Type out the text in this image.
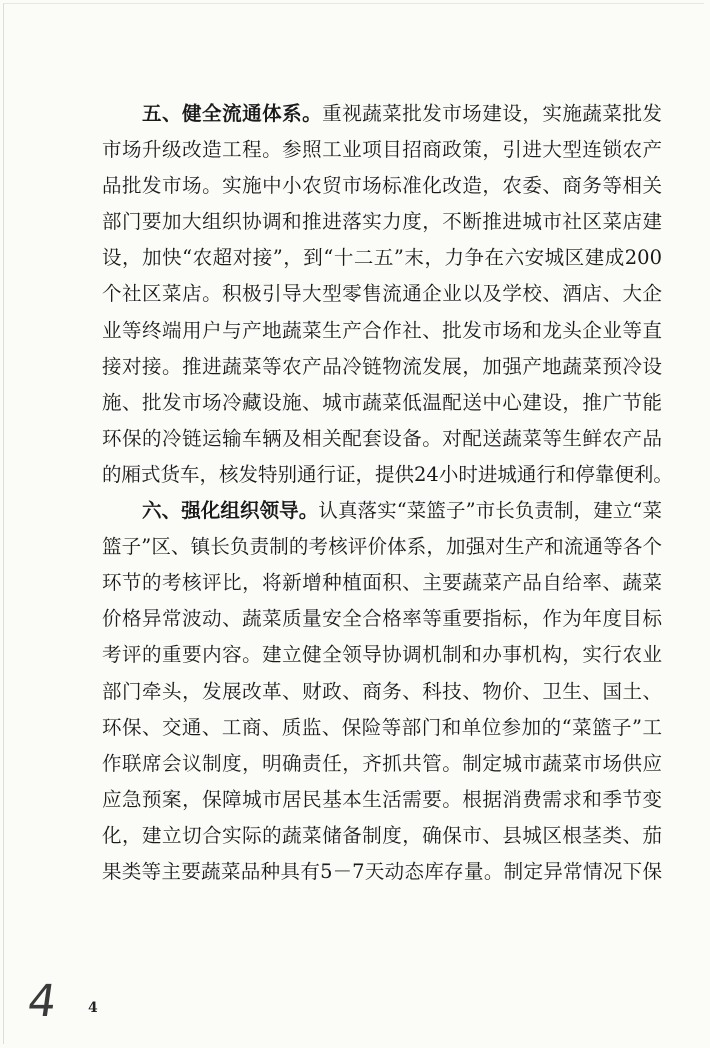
五、健全流通体系。重视蔬菜批发市场建设，实施蔬菜批发
市场升级改造工程。参照工业项目招商政策，引进大型连锁农产
品批发市场。实施中小农贸市场标准化改造，农委、商务等相关
部门要加大组织协调和推进落实力度，不断推进城市社区菜店建
设，加快“农超对接”，到“十二五”末，力争在六安城区建成200
个社区菜店。积极引导大型零售流通企业以及学校、酒店、大企
业等终端用户与产地蔬菜生产合作社、批发市场和龙头企业等直
接对接。推进蔬菜等农产品冷链物流发展，加强产地蔬菜预冷设
施、批发市场冷藏设施、城市蔬菜低温配送中心建设，推广节能
环保的冷链运输车辆及相关配套设备。对配送蔬菜等生鲜农产品
的厢式货车，核发特别通行证，提供24小时进城通行和停靠便利。
六、强化组织领导。认真落实“菜篮子”市长负责制，建立“菜
篮子”区、镇长负责制的考核评价体系，加强对生产和流通等各个
环节的考核评比，将新增种植面积、主要蔬菜产品自给率、蔬菜
价格异常波动、蔬菜质量安全合格率等重要指标，作为年度目标
考评的重要内容。建立健全领导协调机制和办事机构，实行农业
部门牵头，发展改革、财政、商务、科技、物价、卫生、国土、
环保、交通、工商、质监、保险等部门和单位参加的“菜篮子”工
作联席会议制度，明确责任，齐抓共管。制定城市蔬菜市场供应
应急预案，保障城市居民基本生活需要。根据消费需求和季节变
化，建立切合实际的蔬菜储备制度，确保市、县城区根茎类、茄
果类等主要蔬菜品种具有5－7天动态库存量。制定异常情况下保
4 4
